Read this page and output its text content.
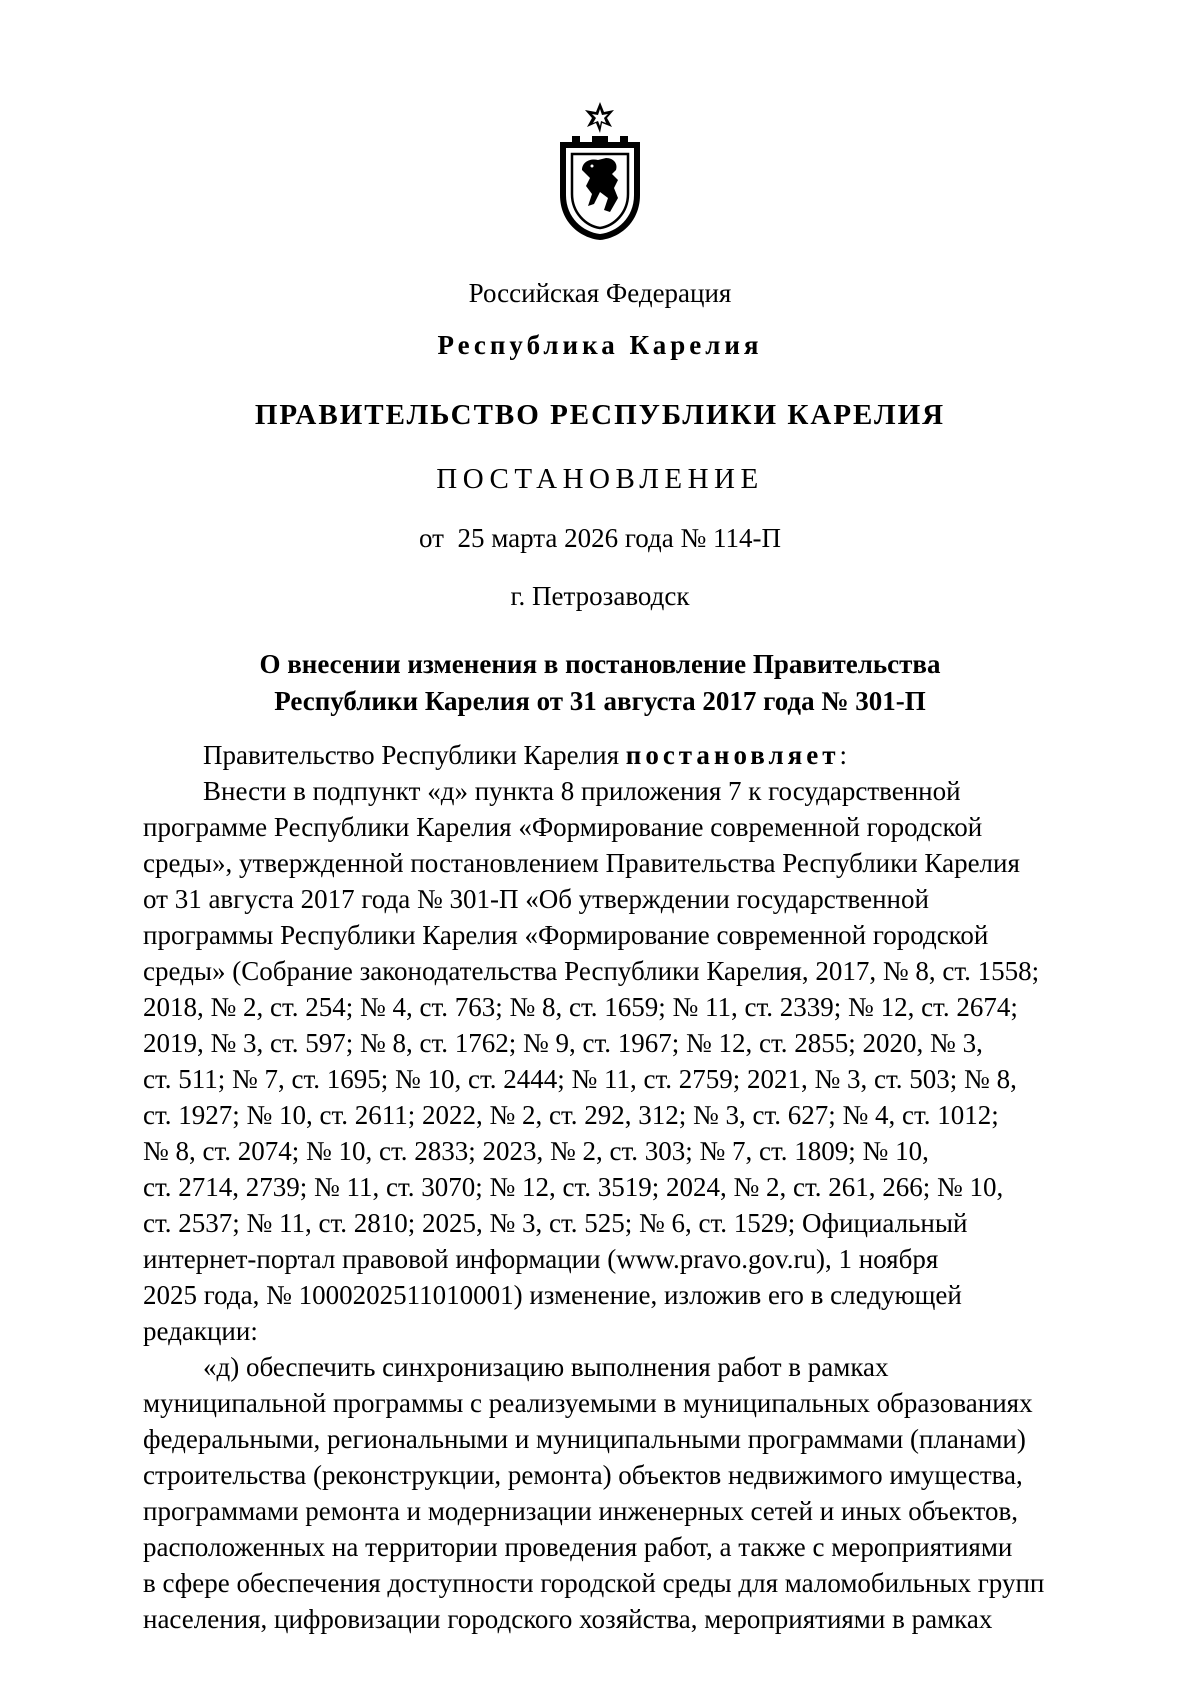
Российская Федерация
Республика Карелия
ПРАВИТЕЛЬСТВО РЕСПУБЛИКИ КАРЕЛИЯ
ПОСТАНОВЛЕНИЕ
от  25 марта 2026 года № 114-П
г. Петрозаводск
О внесении изменения в постановление Правительства
Республики Карелия от 31 августа 2017 года № 301-П
Правительство Республики Карелия постановляет:
Внести в подпункт «д» пункта 8 приложения 7 к государственной
программе Республики Карелия «Формирование современной городской
среды», утвержденной постановлением Правительства Республики Карелия
от 31 августа 2017 года № 301-П «Об утверждении государственной
программы Республики Карелия «Формирование современной городской
среды» (Собрание законодательства Республики Карелия, 2017, № 8, ст. 1558;
2018, № 2, ст. 254; № 4, ст. 763; № 8, ст. 1659; № 11, ст. 2339; № 12, ст. 2674;
2019, № 3, ст. 597; № 8, ст. 1762; № 9, ст. 1967; № 12, ст. 2855; 2020, № 3,
ст. 511; № 7, ст. 1695; № 10, ст. 2444; № 11, ст. 2759; 2021, № 3, ст. 503; № 8,
ст. 1927; № 10, ст. 2611; 2022, № 2, ст. 292, 312; № 3, ст. 627; № 4, ст. 1012;
№ 8, ст. 2074; № 10, ст. 2833; 2023, № 2, ст. 303; № 7, ст. 1809; № 10,
ст. 2714, 2739; № 11, ст. 3070; № 12, ст. 3519; 2024, № 2, ст. 261, 266; № 10,
ст. 2537; № 11, ст. 2810; 2025, № 3, ст. 525; № 6, ст. 1529; Официальный
интернет-портал правовой информации (www.pravo.gov.ru), 1 ноября
2025 года, № 1000202511010001) изменение, изложив его в следующей
редакции:
«д) обеспечить синхронизацию выполнения работ в рамках
муниципальной программы с реализуемыми в муниципальных образованиях
федеральными, региональными и муниципальными программами (планами)
строительства (реконструкции, ремонта) объектов недвижимого имущества,
программами ремонта и модернизации инженерных сетей и иных объектов,
расположенных на территории проведения работ, а также с мероприятиями
в сфере обеспечения доступности городской среды для маломобильных групп
населения, цифровизации городского хозяйства, мероприятиями в рамках
